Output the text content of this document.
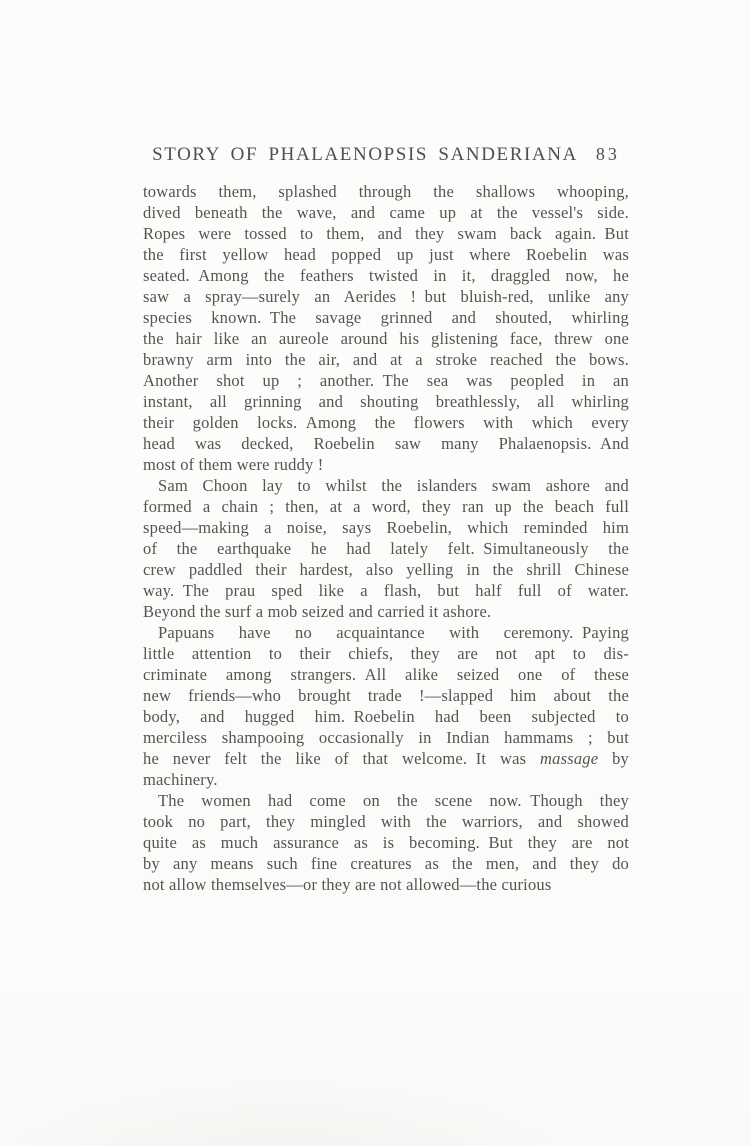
STORY OF PHALAENOPSIS SANDERIANA 83
towards them, splashed through the shallows whooping,
dived beneath the wave, and came up at the vessel's side.
Ropes were tossed to them, and they swam back again. But
the first yellow head popped up just where Roebelin was
seated. Among the feathers twisted in it, draggled now, he
saw a spray—surely an Aerides ! but bluish-red, unlike any
species known. The savage grinned and shouted, whirling
the hair like an aureole around his glistening face, threw one
brawny arm into the air, and at a stroke reached the bows.
Another shot up ; another. The sea was peopled in an
instant, all grinning and shouting breathlessly, all whirling
their golden locks. Among the flowers with which every
head was decked, Roebelin saw many Phalaenopsis. And
most of them were ruddy !
Sam Choon lay to whilst the islanders swam ashore and
formed a chain ; then, at a word, they ran up the beach full
speed—making a noise, says Roebelin, which reminded him
of the earthquake he had lately felt. Simultaneously the
crew paddled their hardest, also yelling in the shrill Chinese
way. The prau sped like a flash, but half full of water.
Beyond the surf a mob seized and carried it ashore.
Papuans have no acquaintance with ceremony. Paying
little attention to their chiefs, they are not apt to dis-
criminate among strangers. All alike seized one of these
new friends—who brought trade !—slapped him about the
body, and hugged him. Roebelin had been subjected to
merciless shampooing occasionally in Indian hammams ; but
he never felt the like of that welcome. It was massage by
machinery.
The women had come on the scene now. Though they
took no part, they mingled with the warriors, and showed
quite as much assurance as is becoming. But they are not
by any means such fine creatures as the men, and they do
not allow themselves—or they are not allowed—the curious
